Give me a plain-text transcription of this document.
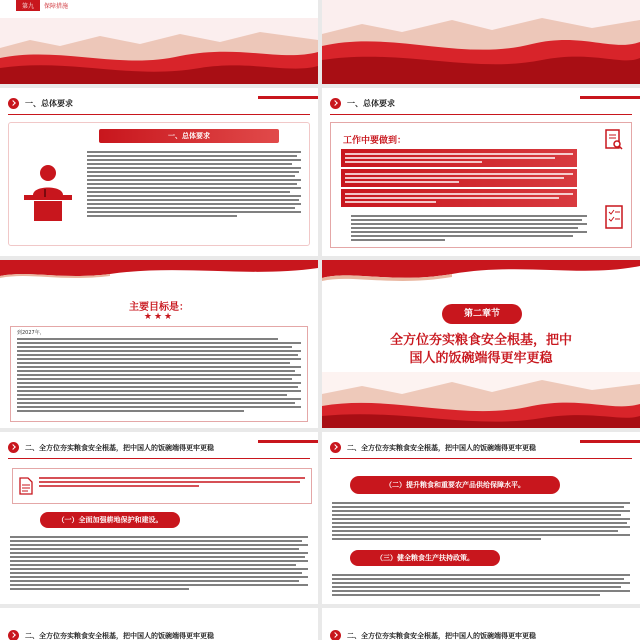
第九	保障措施
一、总体要求
一、总体要求
一、总体要求
工作中要做到：
主要目标是：
★★★
到2027年，
第二章节
全方位夯实粮食安全根基，把中
国人的饭碗端得更牢更稳
二、全方位夯实粮食安全根基，把中国人的饭碗端得更牢更稳
（一）全面加强耕地保护和建设。
二、全方位夯实粮食安全根基，把中国人的饭碗端得更牢更稳
（二）提升粮食和重要农产品供给保障水平。
（三）健全粮食生产扶持政策。
二、全方位夯实粮食安全根基，把中国人的饭碗端得更牢更稳	二、全方位夯实粮食安全根基，把中国人的饭碗端得更牢更稳
